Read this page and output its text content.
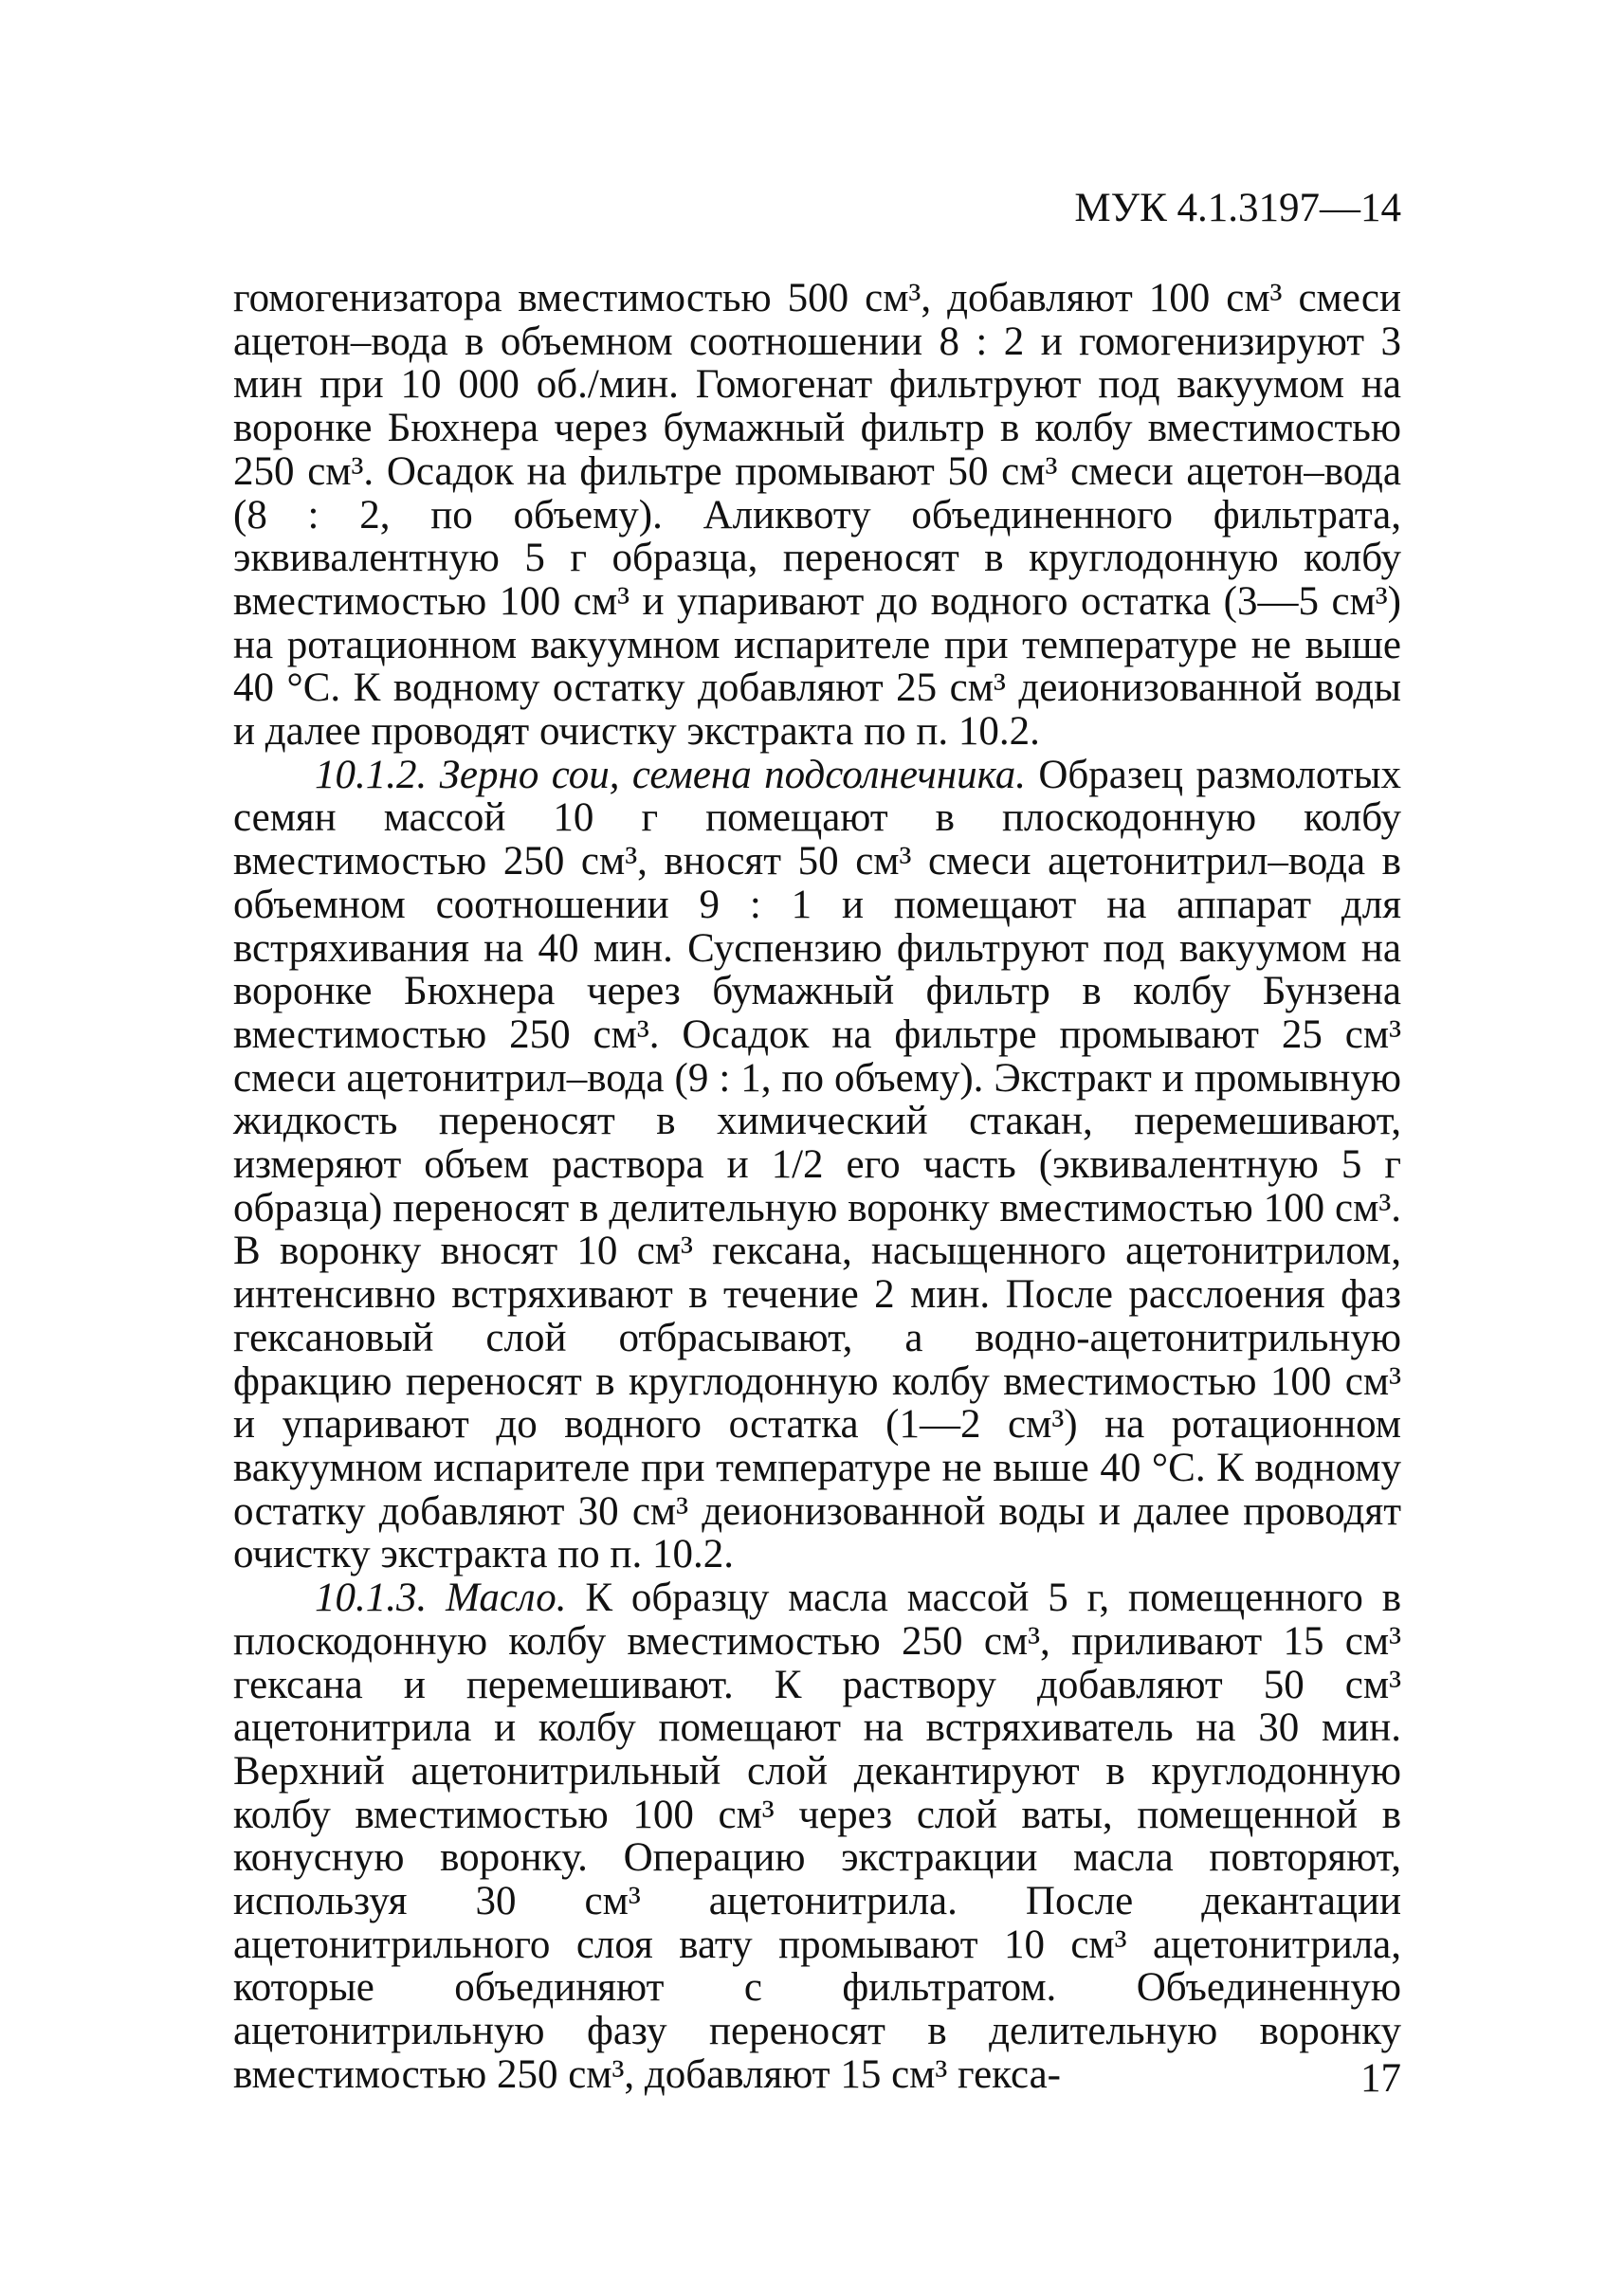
МУК 4.1.3197—14

гомогенизатора вместимостью 500 см³, добавляют 100 см³ смеси ацетон–вода в объемном соотношении 8 : 2 и гомогенизируют 3 мин при 10 000 об./мин. Гомогенат фильтруют под вакуумом на воронке Бюхнера через бумажный фильтр в колбу вместимостью 250 см³. Осадок на фильтре промывают 50 см³ смеси ацетон–вода (8 : 2, по объему). Аликвоту объединенного фильтрата, эквивалентную 5 г образца, переносят в круглодонную колбу вместимостью 100 см³ и упаривают до водного остатка (3—5 см³) на ротационном вакуумном испарителе при температуре не выше 40 °С. К водному остатку добавляют 25 см³ деионизованной воды и далее проводят очистку экстракта по п. 10.2.

10.1.2. Зерно сои, семена подсолнечника. Образец размолотых семян массой 10 г помещают в плоскодонную колбу вместимостью 250 см³, вносят 50 см³ смеси ацетонитрил–вода в объемном соотношении 9 : 1 и помещают на аппарат для встряхивания на 40 мин. Суспензию фильтруют под вакуумом на воронке Бюхнера через бумажный фильтр в колбу Бунзена вместимостью 250 см³. Осадок на фильтре промывают 25 см³ смеси ацетонитрил–вода (9 : 1, по объему). Экстракт и промывную жидкость переносят в химический стакан, перемешивают, измеряют объем раствора и 1/2 его часть (эквивалентную 5 г образца) переносят в делительную воронку вместимостью 100 см³. В воронку вносят 10 см³ гексана, насыщенного ацетонитрилом, интенсивно встряхивают в течение 2 мин. После расслоения фаз гексановый слой отбрасывают, а водно-ацетонитрильную фракцию переносят в круглодонную колбу вместимостью 100 см³ и упаривают до водного остатка (1—2 см³) на ротационном вакуумном испарителе при температуре не выше 40 °С. К водному остатку добавляют 30 см³ деионизованной воды и далее проводят очистку экстракта по п. 10.2.

10.1.3. Масло. К образцу масла массой 5 г, помещенного в плоскодонную колбу вместимостью 250 см³, приливают 15 см³ гексана и перемешивают. К раствору добавляют 50 см³ ацетонитрила и колбу помещают на встряхиватель на 30 мин. Верхний ацетонитрильный слой декантируют в круглодонную колбу вместимостью 100 см³ через слой ваты, помещенной в конусную воронку. Операцию экстракции масла повторяют, используя 30 см³ ацетонитрила. После декантации ацетонитрильного слоя вату промывают 10 см³ ацетонитрила, которые объединяют с фильтратом. Объединенную ацетонитрильную фазу переносят в делительную воронку вместимостью 250 см³, добавляют 15 см³ гекса-	17
